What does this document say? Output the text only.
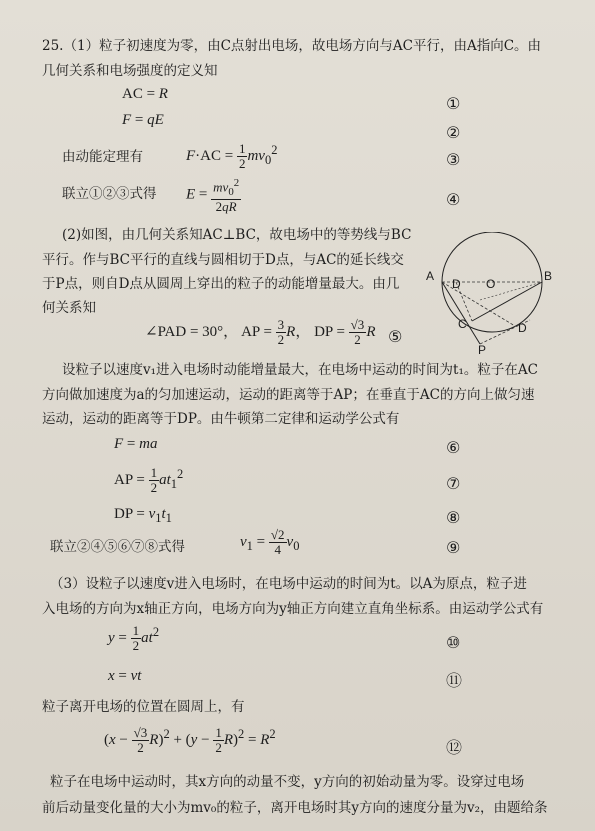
25.（1）粒子初速度为零，由C点射出电场，故电场方向与AC平行，由A指向C。由
几何关系和电场强度的定义知
AC = R	①
F = qE
②
由动能定理有	$F\cdot AC = \frac{1}{2} mv_0^2$
③
联立①②③式得 $E = \frac{mv_0^2}{2qR}$	④
(2)如图，由几何关系知AC⊥BC，故电场中的等势线与BC
平行。作与BC平行的直线与圆相切于D点，与AC的延长线交
于P点，则自D点从圆周上穿出的粒子的动能增量最大。由几
何关系知
∠PAD = 30°， AP = $\frac{3}{2}$ R， DP = $\frac{√3}{2}$ R ⑤
A
D O
B
C	D
P
设粒子以速度v₁进入电场时动能增量最大，在电场中运动的时间为t₁。粒子在AC
方向做加速度为a的匀加速运动，运动的距离等于AP；在垂直于AC的方向上做匀速
运动，运动的距离等于DP。由牛顿第二定律和运动学公式有
F = ma	⑥
AP = $\frac{1}{2} at_1^2$
⑦
DP = $v_1t_1$	⑧
联立②④⑤⑥⑦⑧式得	$v_1 = \frac{√2}{4} v_0$	⑨
（3）设粒子以速度v进入电场时，在电场中运动的时间为t。以A为原点，粒子进
入电场的方向为x轴正方向，电场方向为y轴正方向建立直角坐标系。由运动学公式有
$y = \frac{1}{2} at^2$
⑩
x = vt	⑪
粒子离开电场的位置在圆周上，有
$(x - \frac{√3}{2} R)^2 + (y - \frac{1}{2} R)^2 = R^2$
⑫
粒子在电场中运动时，其x方向的动量不变，y方向的初始动量为零。设穿过电场
前后动量变化量的大小为mv₀的粒子，离开电场时其y方向的速度分量为v₂，由题给条
